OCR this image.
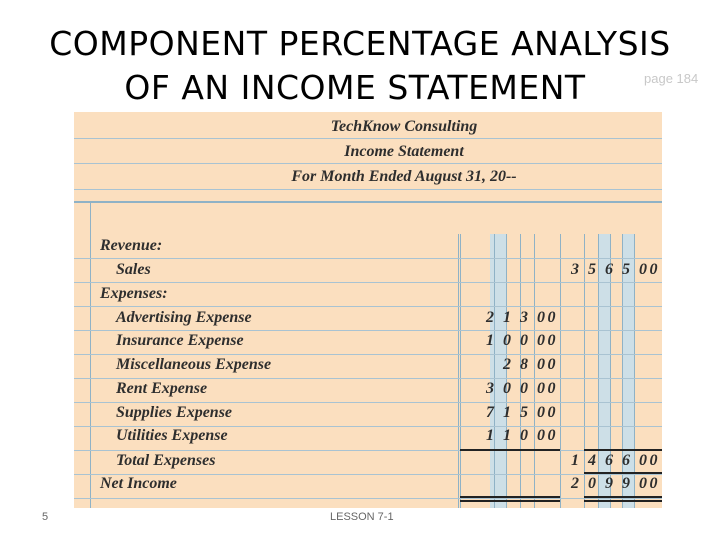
COMPONENT PERCENTAGE ANALYSIS
OF AN INCOME STATEMENT	page 184
TechKnow Consulting
Income Statement
For Month Ended August 31, 20--
Revenue:
Sales
Expenses:
Advertising Expense
Insurance Expense
Miscellaneous Expense
Rent Expense
Supplies Expense
Utilities Expense
Total Expenses
Net Income
2 1 3 00
1 0 0 00
2 8 00
3 0 0 00
7 1 5 00
1 1 0 00
3 5 6 5 00
1 4 6 6 00
2 0 9 9 00
5	LESSON 7-1
